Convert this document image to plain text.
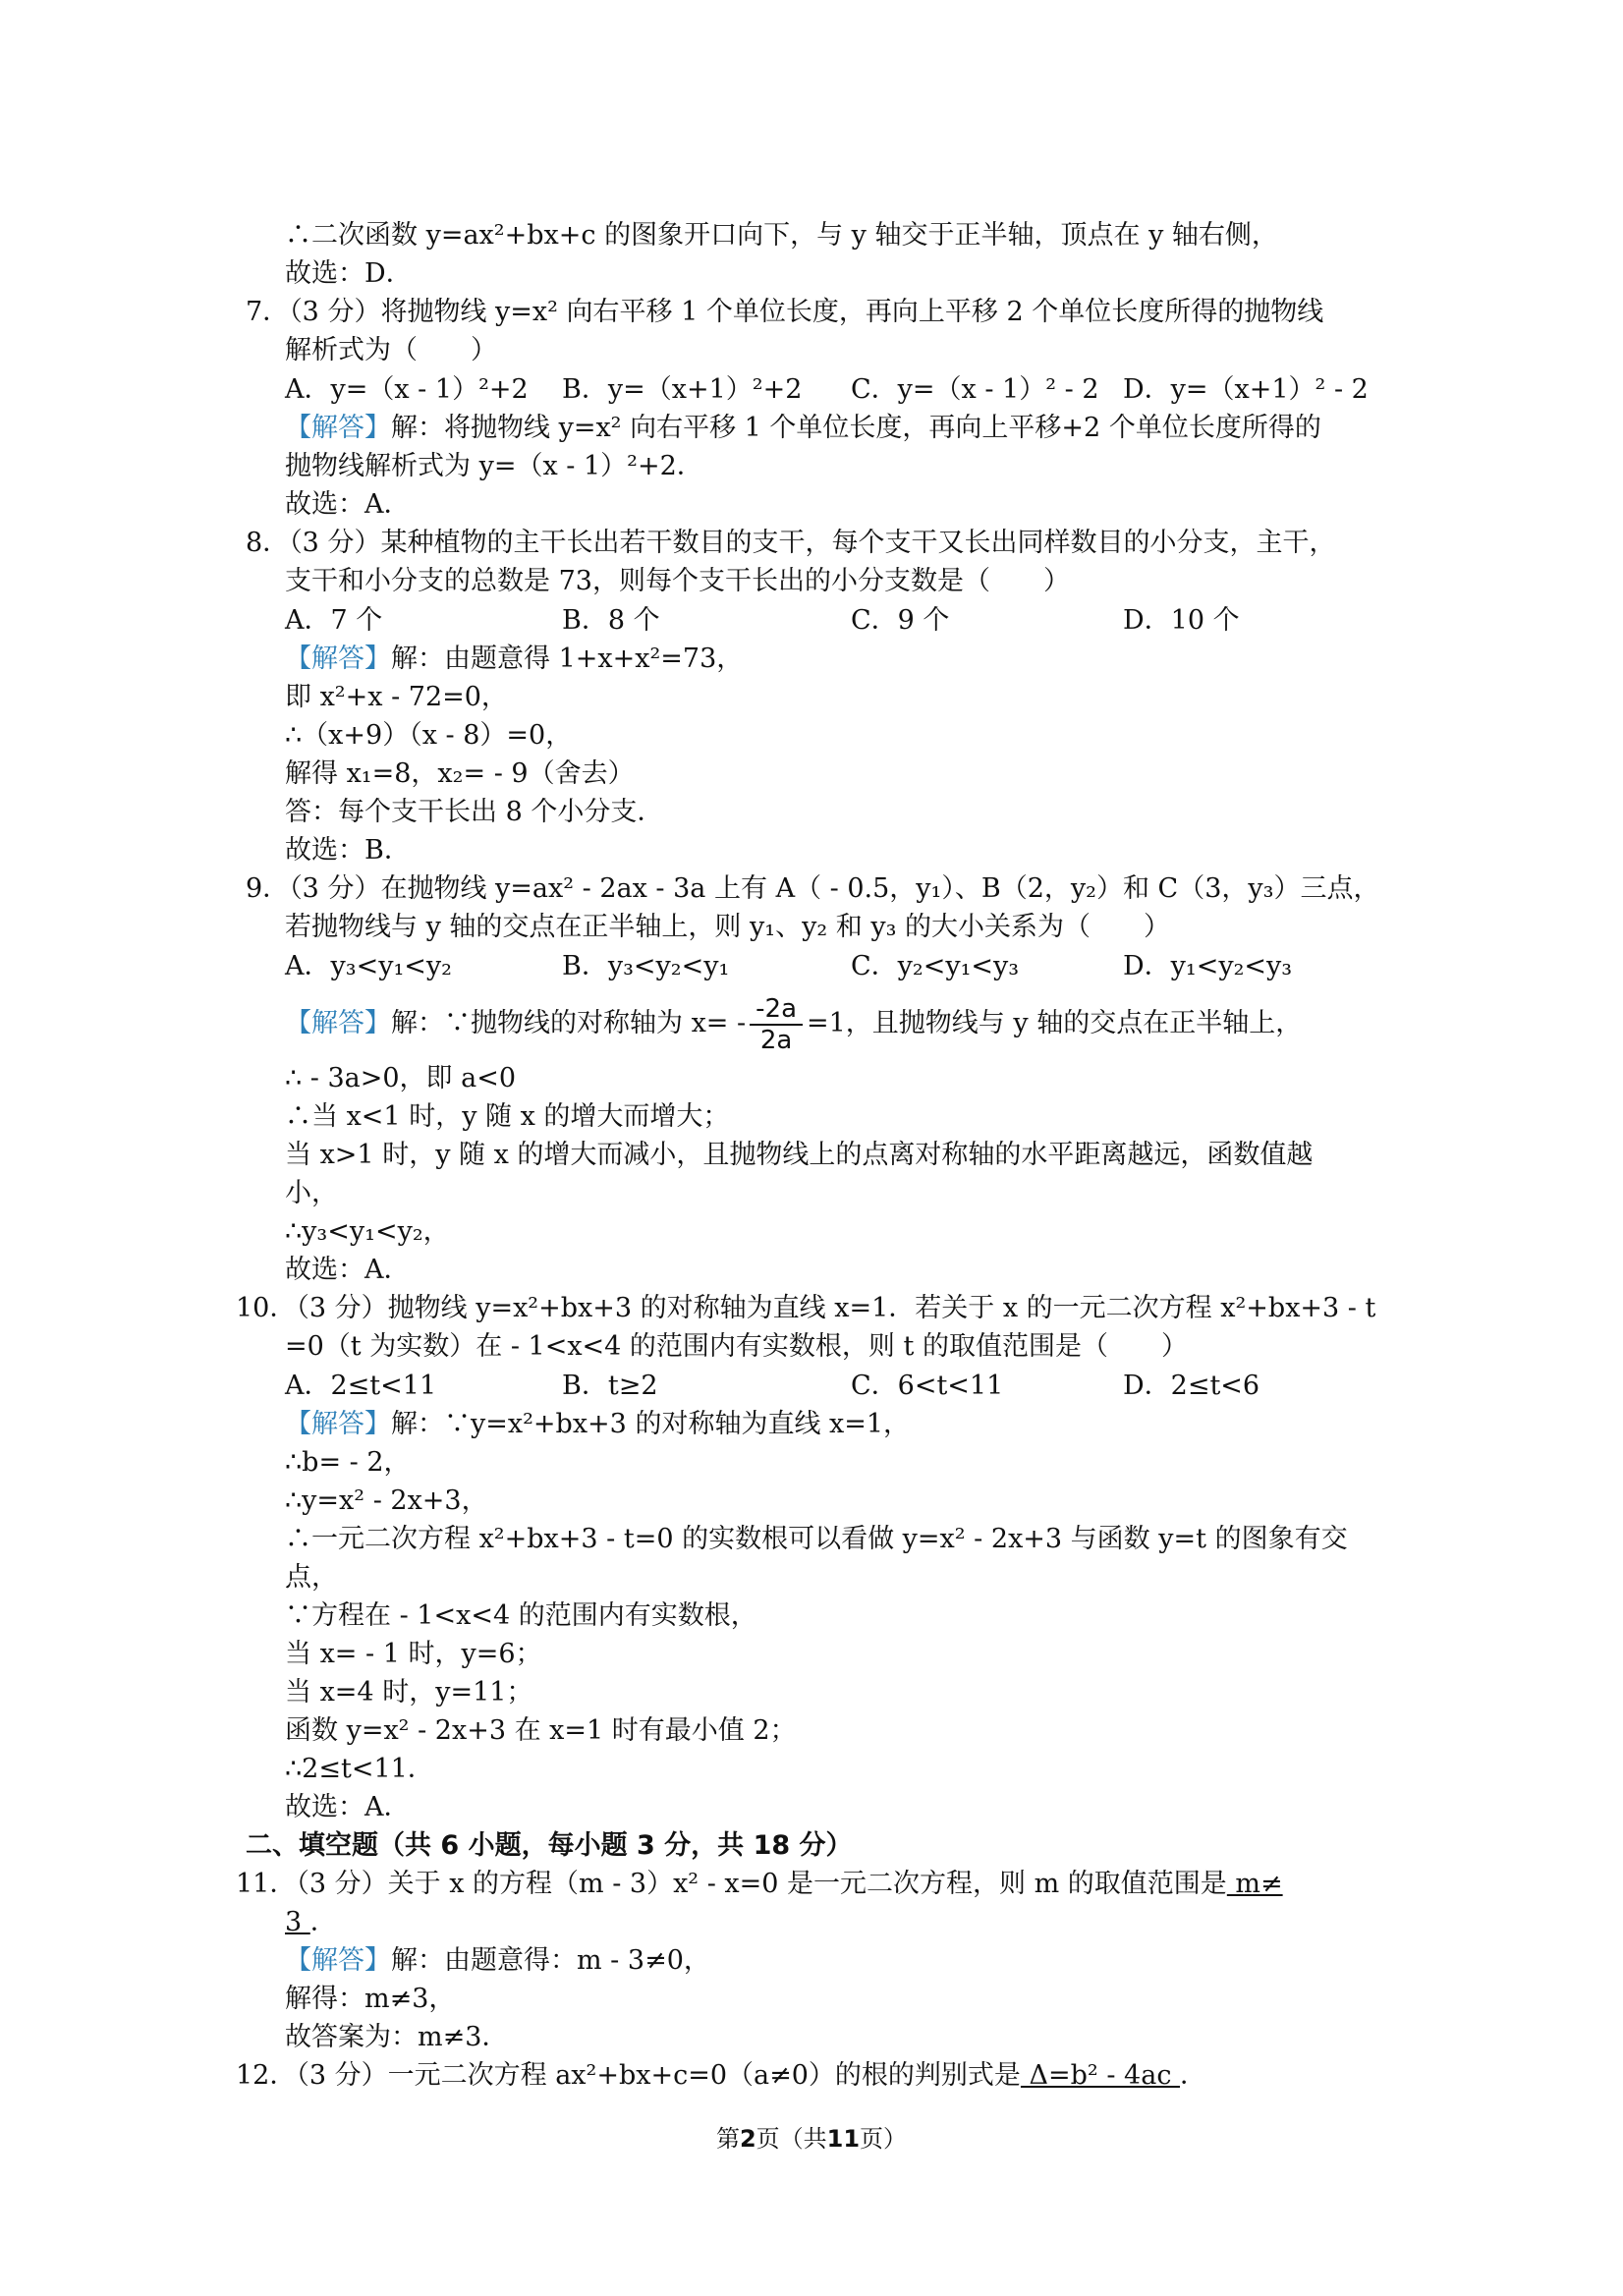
∴二次函数 y=ax²+bx+c 的图象开口向下，与 y 轴交于正半轴，顶点在 y 轴右侧，
故选：D．
7．（3 分）将抛物线 y=x² 向右平移 1 个单位长度，再向上平移 2 个单位长度所得的抛物线
解析式为（　　）
A．y=（x - 1）²+2 B．y=（x+1）²+2 C．y=（x - 1）² - 2 D．y=（x+1）² - 2
【解答】解：将抛物线 y=x² 向右平移 1 个单位长度，再向上平移+2 个单位长度所得的
抛物线解析式为 y=（x - 1）²+2．
故选：A．
8．（3 分）某种植物的主干长出若干数目的支干，每个支干又长出同样数目的小分支，主干，
支干和小分支的总数是 73，则每个支干长出的小分支数是（　　）
A．7 个	B．8 个	C．9 个	D．10 个
【解答】解：由题意得 1+x+x²=73，
即 x²+x - 72=0，
∴（x+9）（x - 8）=0，
解得 x₁=8，x₂= - 9（舍去）
答：每个支干长出 8 个小分支．
故选：B．
9．（3 分）在抛物线 y=ax² - 2ax - 3a 上有 A（ - 0.5，y₁）、B（2，y₂）和 C（3，y₃）三点，
若抛物线与 y 轴的交点在正半轴上，则 y₁、y₂ 和 y₃ 的大小关系为（　　）
A．y₃<y₁<y₂	B．y₃<y₂<y₁	C．y₂<y₁<y₃	D．y₁<y₂<y₃
【解答】解：∵抛物线的对称轴为 $x= - \frac{-2a}{2a} =1$，且抛物线与 y 轴的交点在正半轴上，
∴ - 3a>0，即 a<0
∴当 x<1 时，y 随 x 的增大而增大；
当 x>1 时，y 随 x 的增大而减小，且抛物线上的点离对称轴的水平距离越远，函数值越
小，
∴y₃<y₁<y₂，
故选：A．
10．（3 分）抛物线 y=x²+bx+3 的对称轴为直线 x=1．若关于 x 的一元二次方程 x²+bx+3 - t
=0（t 为实数）在 - 1<x<4 的范围内有实数根，则 t 的取值范围是（　　）
A．2≤t<11	B．t≥2	C．6<t<11	D．2≤t<6
【解答】解：∵y=x²+bx+3 的对称轴为直线 x=1，
∴b= - 2，
∴y=x² - 2x+3，
∴一元二次方程 x²+bx+3 - t=0 的实数根可以看做 y=x² - 2x+3 与函数 y=t 的图象有交
点，
∵方程在 - 1<x<4 的范围内有实数根，
当 x= - 1 时，y=6；
当 x=4 时，y=11；
函数 y=x² - 2x+3 在 x=1 时有最小值 2；
∴2≤t<11．
故选：A．
二、填空题（共 6 小题，每小题 3 分，共 18 分）
11．（3 分）关于 x 的方程（m - 3）x² - x=0 是一元二次方程，则 m 的取值范围是 m≠
3 ．
【解答】解：由题意得：m - 3≠0，
解得：m≠3，
故答案为：m≠3．
12．（3 分）一元二次方程 ax²+bx+c=0（a≠0）的根的判别式是 Δ=b² - 4ac ．
第2页（共11页）
